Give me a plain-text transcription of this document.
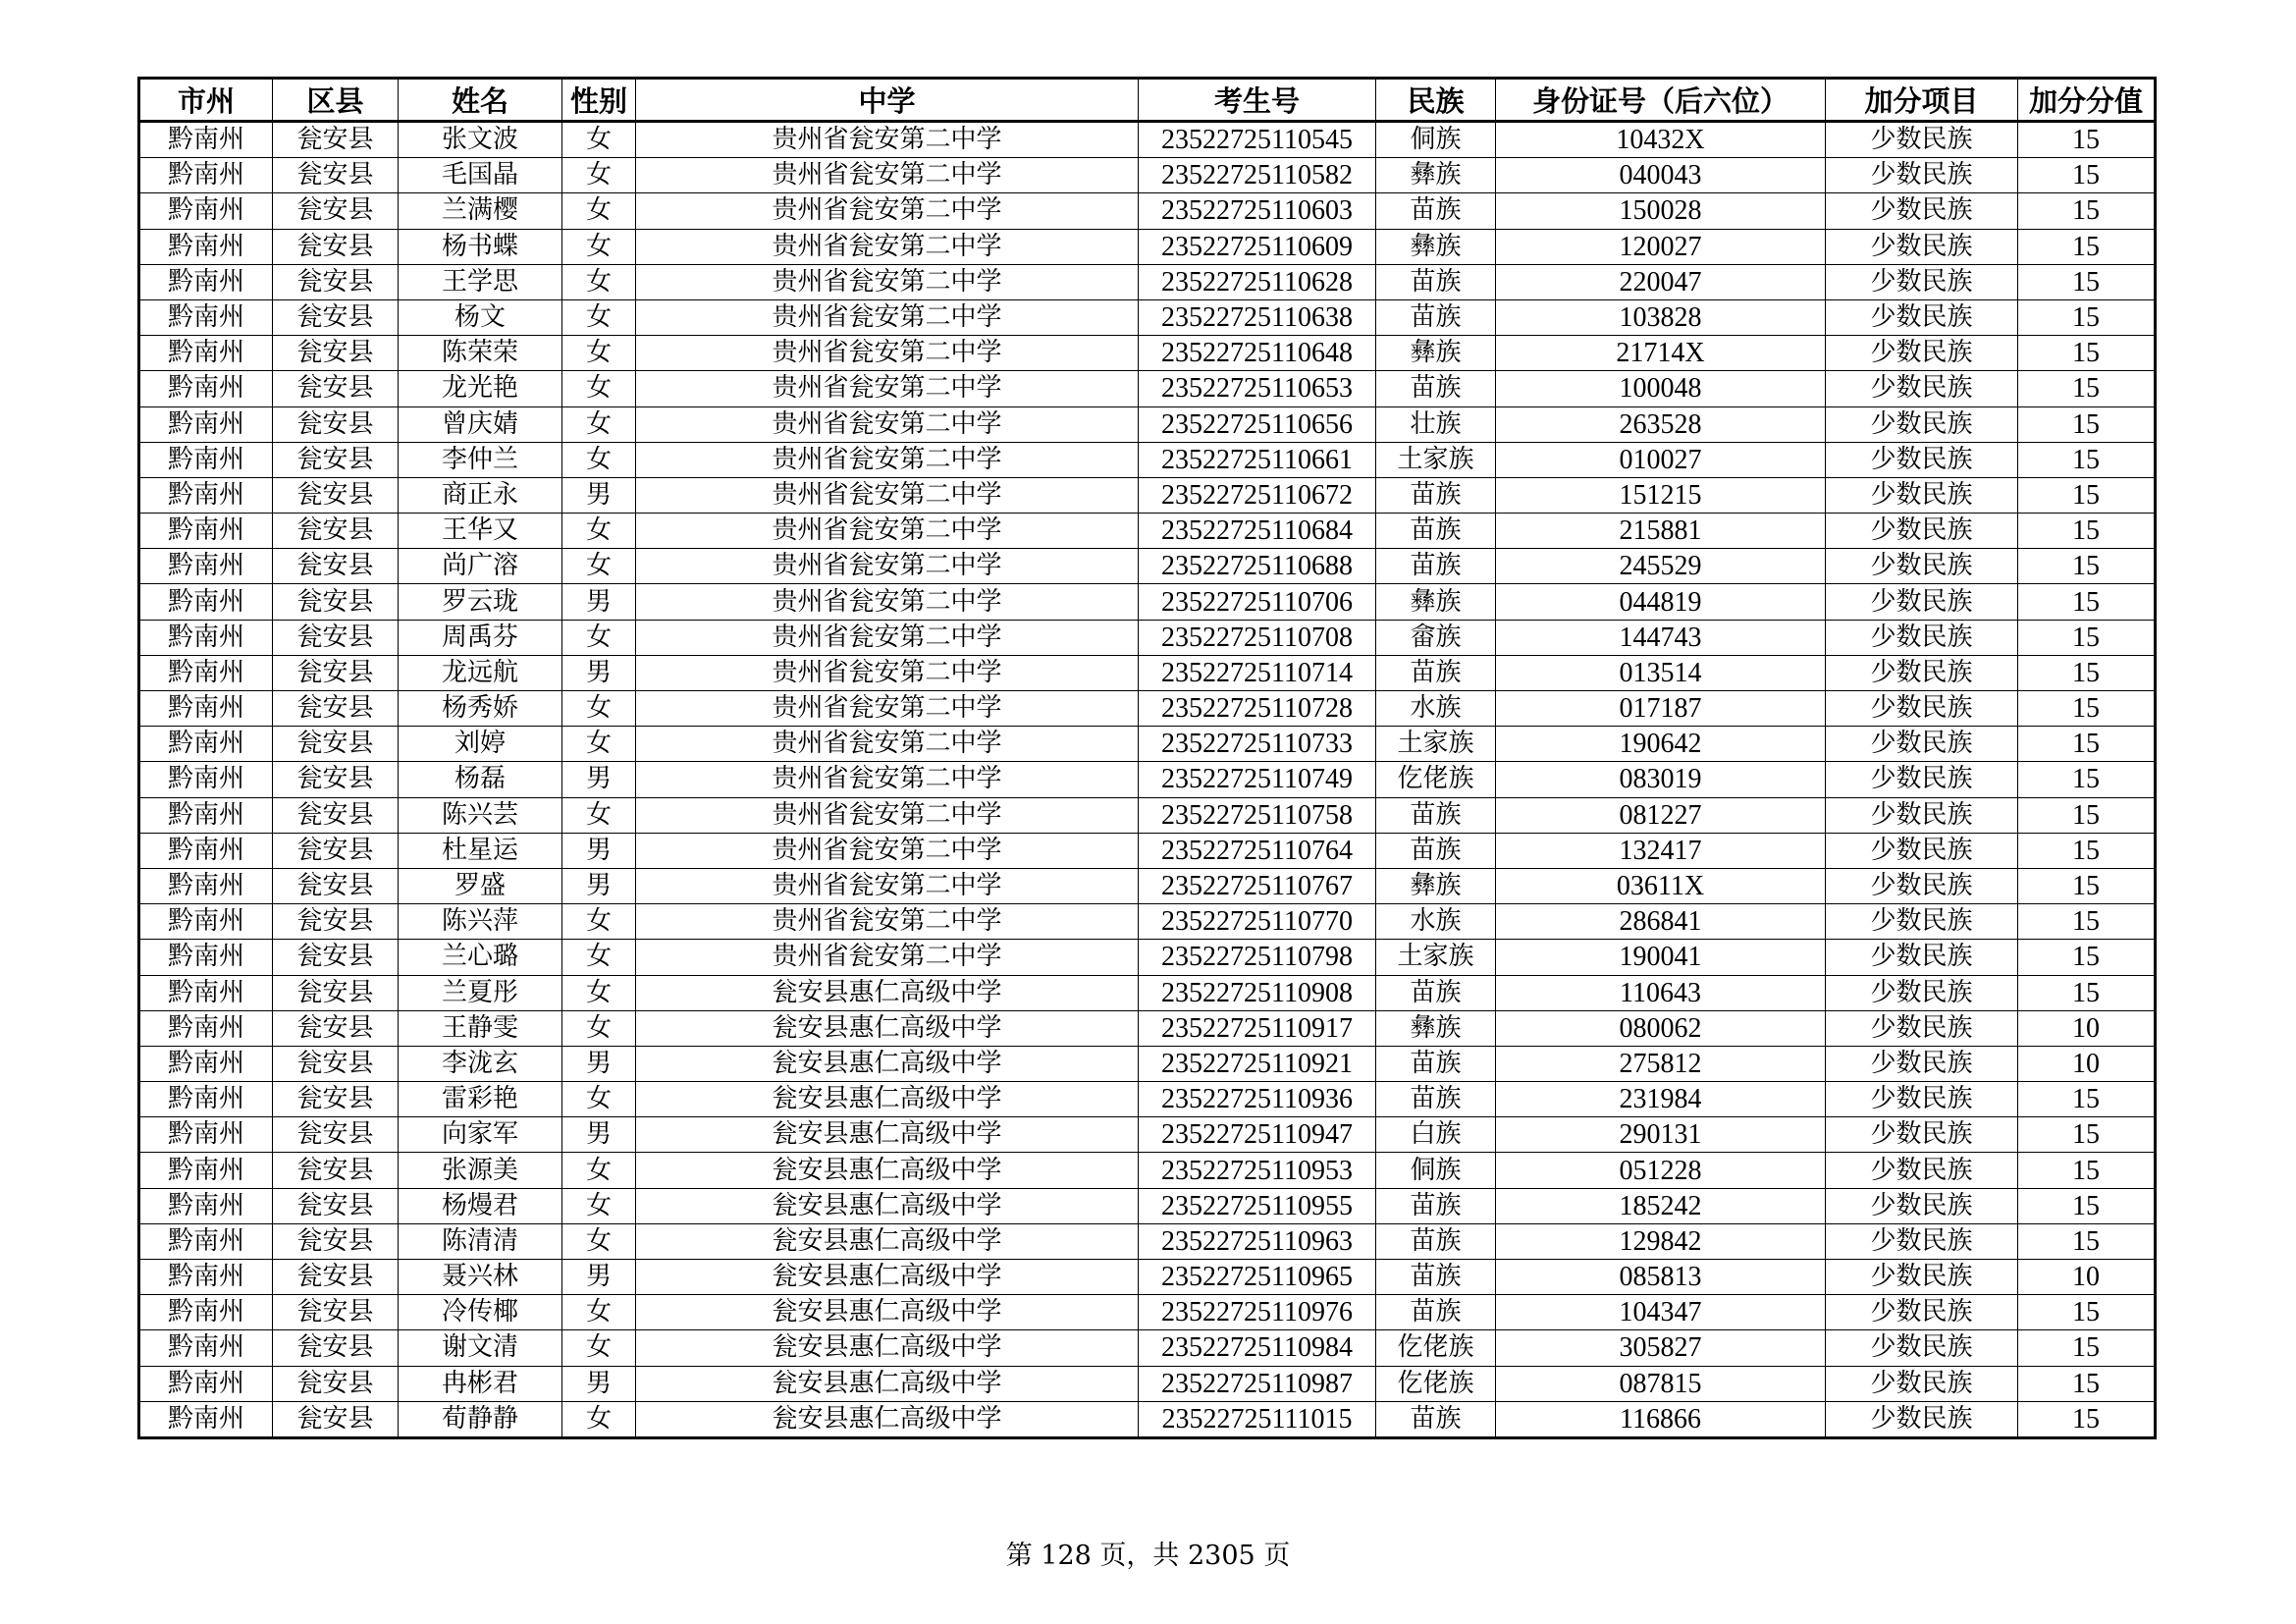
市州	区县	姓名	性别	中学	考生号	民族	身份证号（后六位）	加分项目	加分分值
黔南州	瓮安县	张文波	女	贵州省瓮安第二中学	23522725110545	侗族	10432X	少数民族	15
黔南州	瓮安县	毛国晶	女	贵州省瓮安第二中学	23522725110582	彝族	040043	少数民族	15
黔南州	瓮安县	兰满樱	女	贵州省瓮安第二中学	23522725110603	苗族	150028	少数民族	15
黔南州	瓮安县	杨书蝶	女	贵州省瓮安第二中学	23522725110609	彝族	120027	少数民族	15
黔南州	瓮安县	王学思	女	贵州省瓮安第二中学	23522725110628	苗族	220047	少数民族	15
黔南州	瓮安县	杨文	女	贵州省瓮安第二中学	23522725110638	苗族	103828	少数民族	15
黔南州	瓮安县	陈荣荣	女	贵州省瓮安第二中学	23522725110648	彝族	21714X	少数民族	15
黔南州	瓮安县	龙光艳	女	贵州省瓮安第二中学	23522725110653	苗族	100048	少数民族	15
黔南州	瓮安县	曾庆婧	女	贵州省瓮安第二中学	23522725110656	壮族	263528	少数民族	15
黔南州	瓮安县	李仲兰	女	贵州省瓮安第二中学	23522725110661	土家族	010027	少数民族	15
黔南州	瓮安县	商正永	男	贵州省瓮安第二中学	23522725110672	苗族	151215	少数民族	15
黔南州	瓮安县	王华又	女	贵州省瓮安第二中学	23522725110684	苗族	215881	少数民族	15
黔南州	瓮安县	尚广溶	女	贵州省瓮安第二中学	23522725110688	苗族	245529	少数民族	15
黔南州	瓮安县	罗云珑	男	贵州省瓮安第二中学	23522725110706	彝族	044819	少数民族	15
黔南州	瓮安县	周禹芬	女	贵州省瓮安第二中学	23522725110708	畲族	144743	少数民族	15
黔南州	瓮安县	龙远航	男	贵州省瓮安第二中学	23522725110714	苗族	013514	少数民族	15
黔南州	瓮安县	杨秀娇	女	贵州省瓮安第二中学	23522725110728	水族	017187	少数民族	15
黔南州	瓮安县	刘婷	女	贵州省瓮安第二中学	23522725110733	土家族	190642	少数民族	15
黔南州	瓮安县	杨磊	男	贵州省瓮安第二中学	23522725110749	仡佬族	083019	少数民族	15
黔南州	瓮安县	陈兴芸	女	贵州省瓮安第二中学	23522725110758	苗族	081227	少数民族	15
黔南州	瓮安县	杜星运	男	贵州省瓮安第二中学	23522725110764	苗族	132417	少数民族	15
黔南州	瓮安县	罗盛	男	贵州省瓮安第二中学	23522725110767	彝族	03611X	少数民族	15
黔南州	瓮安县	陈兴萍	女	贵州省瓮安第二中学	23522725110770	水族	286841	少数民族	15
黔南州	瓮安县	兰心璐	女	贵州省瓮安第二中学	23522725110798	土家族	190041	少数民族	15
黔南州	瓮安县	兰夏彤	女	瓮安县惠仁高级中学	23522725110908	苗族	110643	少数民族	15
黔南州	瓮安县	王静雯	女	瓮安县惠仁高级中学	23522725110917	彝族	080062	少数民族	10
黔南州	瓮安县	李泷玄	男	瓮安县惠仁高级中学	23522725110921	苗族	275812	少数民族	10
黔南州	瓮安县	雷彩艳	女	瓮安县惠仁高级中学	23522725110936	苗族	231984	少数民族	15
黔南州	瓮安县	向家军	男	瓮安县惠仁高级中学	23522725110947	白族	290131	少数民族	15
黔南州	瓮安县	张源美	女	瓮安县惠仁高级中学	23522725110953	侗族	051228	少数民族	15
黔南州	瓮安县	杨熳君	女	瓮安县惠仁高级中学	23522725110955	苗族	185242	少数民族	15
黔南州	瓮安县	陈清清	女	瓮安县惠仁高级中学	23522725110963	苗族	129842	少数民族	15
黔南州	瓮安县	聂兴林	男	瓮安县惠仁高级中学	23522725110965	苗族	085813	少数民族	10
黔南州	瓮安县	冷传椰	女	瓮安县惠仁高级中学	23522725110976	苗族	104347	少数民族	15
黔南州	瓮安县	谢文清	女	瓮安县惠仁高级中学	23522725110984	仡佬族	305827	少数民族	15
黔南州	瓮安县	冉彬君	男	瓮安县惠仁高级中学	23522725110987	仡佬族	087815	少数民族	15
黔南州	瓮安县	荀静静	女	瓮安县惠仁高级中学	23522725111015	苗族	116866	少数民族	15
第 128 页，共 2305 页
